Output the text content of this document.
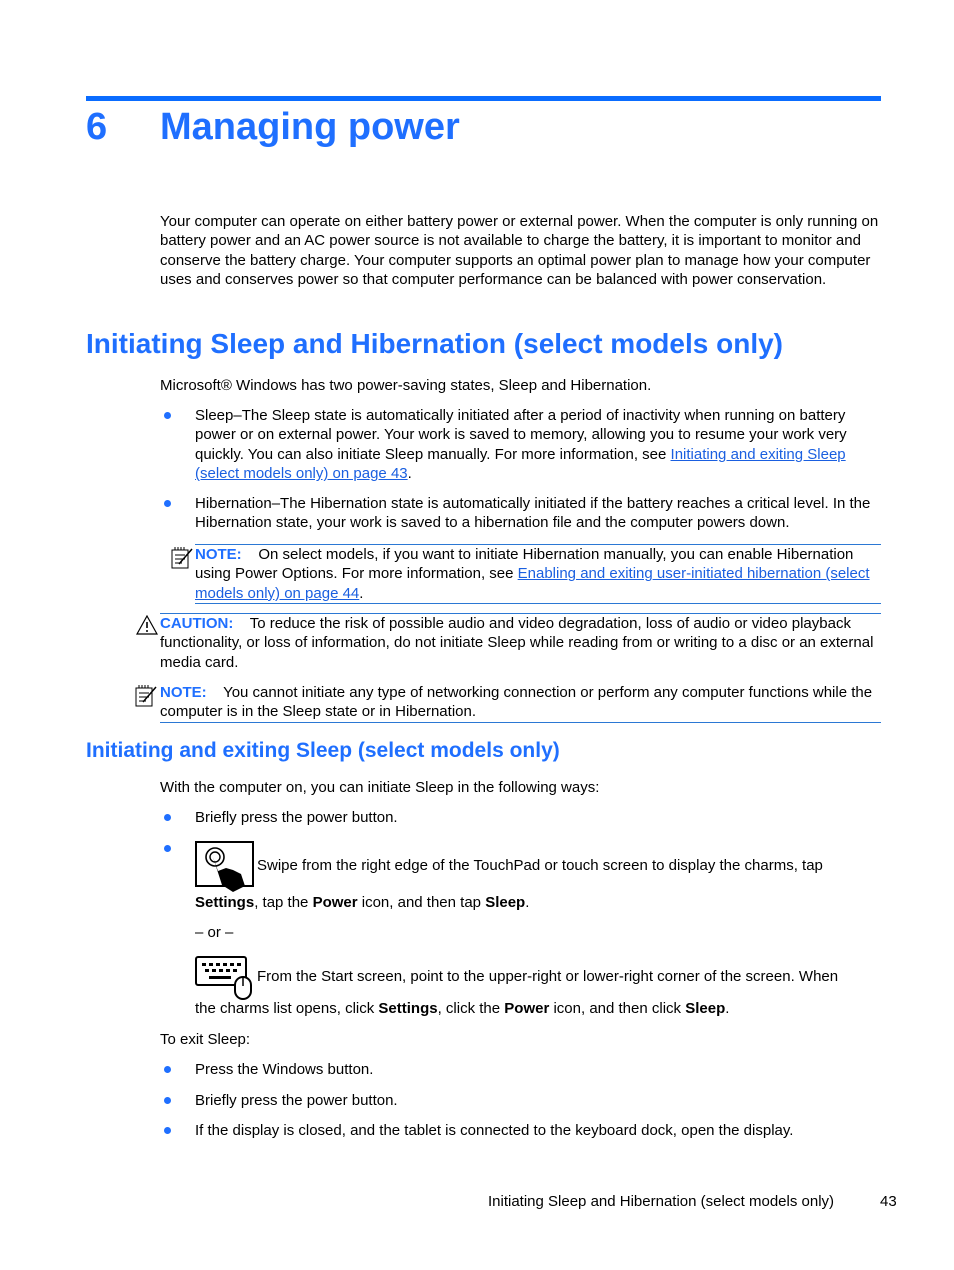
6 Managing power
Your computer can operate on either battery power or external power. When the computer is only running on battery power and an AC power source is not available to charge the battery, it is important to monitor and conserve the battery charge. Your computer supports an optimal power plan to manage how your computer uses and conserves power so that computer performance can be balanced with power conservation.
Initiating Sleep and Hibernation (select models only)
Microsoft® Windows has two power-saving states, Sleep and Hibernation.
Sleep–The Sleep state is automatically initiated after a period of inactivity when running on battery power or on external power. Your work is saved to memory, allowing you to resume your work very quickly. You can also initiate Sleep manually. For more information, see Initiating and exiting Sleep (select models only) on page 43.
Hibernation–The Hibernation state is automatically initiated if the battery reaches a critical level. In the Hibernation state, your work is saved to a hibernation file and the computer powers down.
NOTE: On select models, if you want to initiate Hibernation manually, you can enable Hibernation using Power Options. For more information, see Enabling and exiting user-initiated hibernation (select models only) on page 44.
CAUTION: To reduce the risk of possible audio and video degradation, loss of audio or video playback functionality, or loss of information, do not initiate Sleep while reading from or writing to a disc or an external media card.
NOTE: You cannot initiate any type of networking connection or perform any computer functions while the computer is in the Sleep state or in Hibernation.
Initiating and exiting Sleep (select models only)
With the computer on, you can initiate Sleep in the following ways:
Briefly press the power button.
Swipe from the right edge of the TouchPad or touch screen to display the charms, tap
Settings, tap the Power icon, and then tap Sleep.
– or –
From the Start screen, point to the upper-right or lower-right corner of the screen. When
the charms list opens, click Settings, click the Power icon, and then click Sleep.
To exit Sleep:
Press the Windows button.
Briefly press the power button.
If the display is closed, and the tablet is connected to the keyboard dock, open the display.
Initiating Sleep and Hibernation (select models only)	43
